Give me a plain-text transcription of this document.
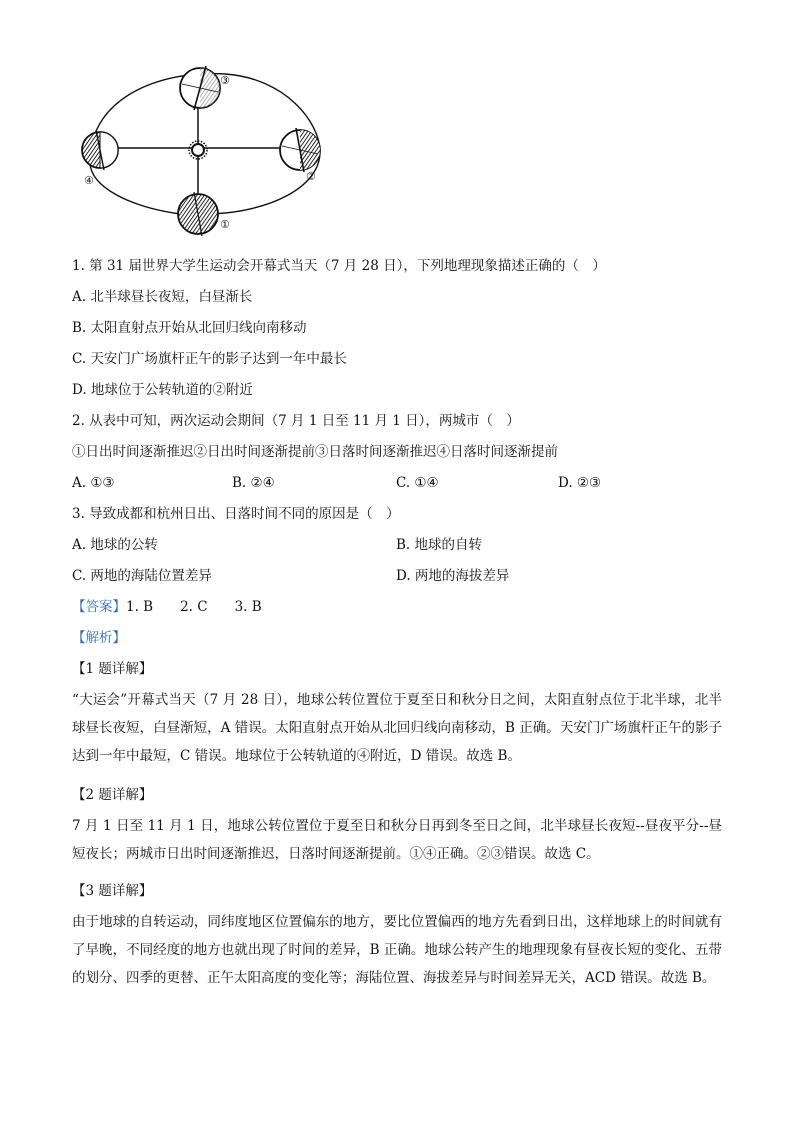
③
②
④
①
1. 第 31 届世界大学生运动会开幕式当天（7 月 28 日），下列地理现象描述正确的（　）
A. 北半球昼长夜短，白昼渐长
B. 太阳直射点开始从北回归线向南移动
C. 天安门广场旗杆正午的影子达到一年中最长
D. 地球位于公转轨道的②附近
2. 从表中可知，两次运动会期间（7 月 1 日至 11 月 1 日），两城市（　）
①日出时间逐渐推迟②日出时间逐渐提前③日落时间逐渐推迟④日落时间逐渐提前
A. ①③	B. ②④	C. ①④	D. ②③
3. 导致成都和杭州日出、日落时间不同的原因是（　）
A. 地球的公转	B. 地球的自转
C. 两地的海陆位置差异	D. 两地的海拔差异
【答案】1. B　　2. C　　3. B
【解析】
【1 题详解】
“大运会”开幕式当天（7 月 28 日），地球公转位置位于夏至日和秋分日之间，太阳直射点位于北半球，北半球昼长夜短，白昼渐短，A 错误。太阳直射点开始从北回归线向南移动，B 正确。天安门广场旗杆正午的影子达到一年中最短，C 错误。地球位于公转轨道的④附近，D 错误。故选 B。
【2 题详解】
7 月 1 日至 11 月 1 日，地球公转位置位于夏至日和秋分日再到冬至日之间，北半球昼长夜短--昼夜平分--昼短夜长；两城市日出时间逐渐推迟，日落时间逐渐提前。①④正确。②③错误。故选 C。
【3 题详解】
由于地球的自转运动，同纬度地区位置偏东的地方，要比位置偏西的地方先看到日出，这样地球上的时间就有了早晚，不同经度的地方也就出现了时间的差异，B 正确。地球公转产生的地理现象有昼夜长短的变化、五带的划分、四季的更替、正午太阳高度的变化等；海陆位置、海拔差异与时间差异无关，ACD 错误。故选 B。
